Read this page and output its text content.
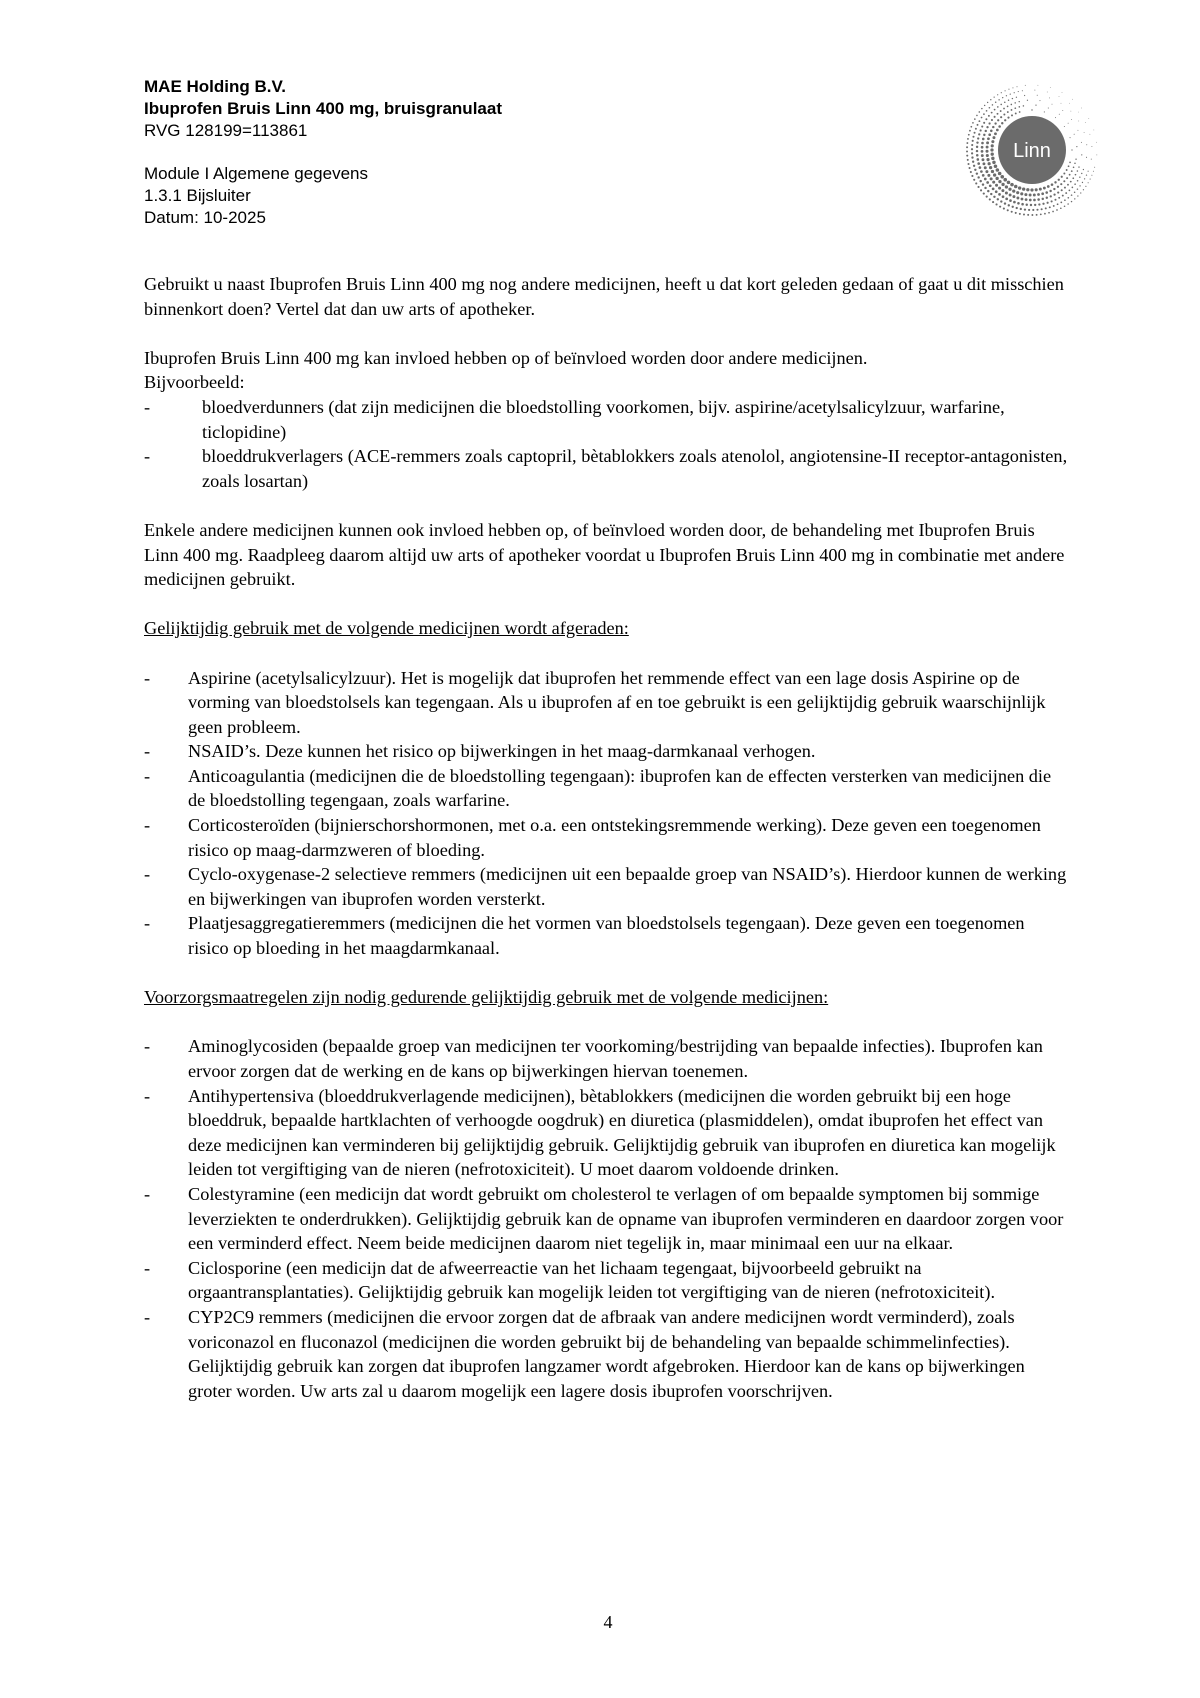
MAE Holding B.V.
Ibuprofen Bruis Linn 400 mg, bruisgranulaat
RVG 128199=113861
Module I Algemene gegevens
1.3.1 Bijsluiter
Datum: 10-2025
Linn

Gebruikt u naast Ibuprofen Bruis Linn 400 mg nog andere medicijnen, heeft u dat kort geleden gedaan of gaat u dit misschien binnenkort doen? Vertel dat dan uw arts of apotheker.

Ibuprofen Bruis Linn 400 mg kan invloed hebben op of beïnvloed worden door andere medicijnen.

Bijvoorbeeld:

-	bloedverdunners (dat zijn medicijnen die bloedstolling voorkomen, bijv. aspirine/acetylsalicylzuur, warfarine, ticlopidine)
-	bloeddrukverlagers (ACE-remmers zoals captopril, bètablokkers zoals atenolol, angiotensine-II receptor-antagonisten, zoals losartan)

Enkele andere medicijnen kunnen ook invloed hebben op, of beïnvloed worden door, de behandeling met Ibuprofen Bruis Linn 400 mg. Raadpleeg daarom altijd uw arts of apotheker voordat u Ibuprofen Bruis Linn 400 mg in combinatie met andere medicijnen gebruikt.

Gelijktijdig gebruik met de volgende medicijnen wordt afgeraden:

- Aspirine (acetylsalicylzuur). Het is mogelijk dat ibuprofen het remmende effect van een lage dosis Aspirine op de vorming van bloedstolsels kan tegengaan. Als u ibuprofen af en toe gebruikt is een gelijktijdig gebruik waarschijnlijk geen probleem.
- NSAID’s. Deze kunnen het risico op bijwerkingen in het maag-darmkanaal verhogen.
- Anticoagulantia (medicijnen die de bloedstolling tegengaan): ibuprofen kan de effecten versterken van medicijnen die de bloedstolling tegengaan, zoals warfarine.
- Corticosteroïden (bijnierschorshormonen, met o.a. een ontstekingsremmende werking). Deze geven een toegenomen risico op maag-darmzweren of bloeding.
- Cyclo-oxygenase-2 selectieve remmers (medicijnen uit een bepaalde groep van NSAID’s). Hierdoor kunnen de werking en bijwerkingen van ibuprofen worden versterkt.
- Plaatjesaggregatieremmers (medicijnen die het vormen van bloedstolsels tegengaan). Deze geven een toegenomen risico op bloeding in het maagdarmkanaal.

Voorzorgsmaatregelen zijn nodig gedurende gelijktijdig gebruik met de volgende medicijnen:

- Aminoglycosiden (bepaalde groep van medicijnen ter voorkoming/bestrijding van bepaalde infecties). Ibuprofen kan ervoor zorgen dat de werking en de kans op bijwerkingen hiervan toenemen.
- Antihypertensiva (bloeddrukverlagende medicijnen), bètablokkers (medicijnen die worden gebruikt bij een hoge bloeddruk, bepaalde hartklachten of verhoogde oogdruk) en diuretica (plasmiddelen), omdat ibuprofen het effect van deze medicijnen kan verminderen bij gelijktijdig gebruik. Gelijktijdig gebruik van ibuprofen en diuretica kan mogelijk leiden tot vergiftiging van de nieren (nefrotoxiciteit). U moet daarom voldoende drinken.
- Colestyramine (een medicijn dat wordt gebruikt om cholesterol te verlagen of om bepaalde symptomen bij sommige leverziekten te onderdrukken). Gelijktijdig gebruik kan de opname van ibuprofen verminderen en daardoor zorgen voor een verminderd effect. Neem beide medicijnen daarom niet tegelijk in, maar minimaal een uur na elkaar.
- Ciclosporine (een medicijn dat de afweerreactie van het lichaam tegengaat, bijvoorbeeld gebruikt na orgaantransplantaties). Gelijktijdig gebruik kan mogelijk leiden tot vergiftiging van de nieren (nefrotoxiciteit).
- CYP2C9 remmers (medicijnen die ervoor zorgen dat de afbraak van andere medicijnen wordt verminderd), zoals voriconazol en fluconazol (medicijnen die worden gebruikt bij de behandeling van bepaalde schimmelinfecties). Gelijktijdig gebruik kan zorgen dat ibuprofen langzamer wordt afgebroken. Hierdoor kan de kans op bijwerkingen groter worden. Uw arts zal u daarom mogelijk een lagere dosis ibuprofen voorschrijven.
4
